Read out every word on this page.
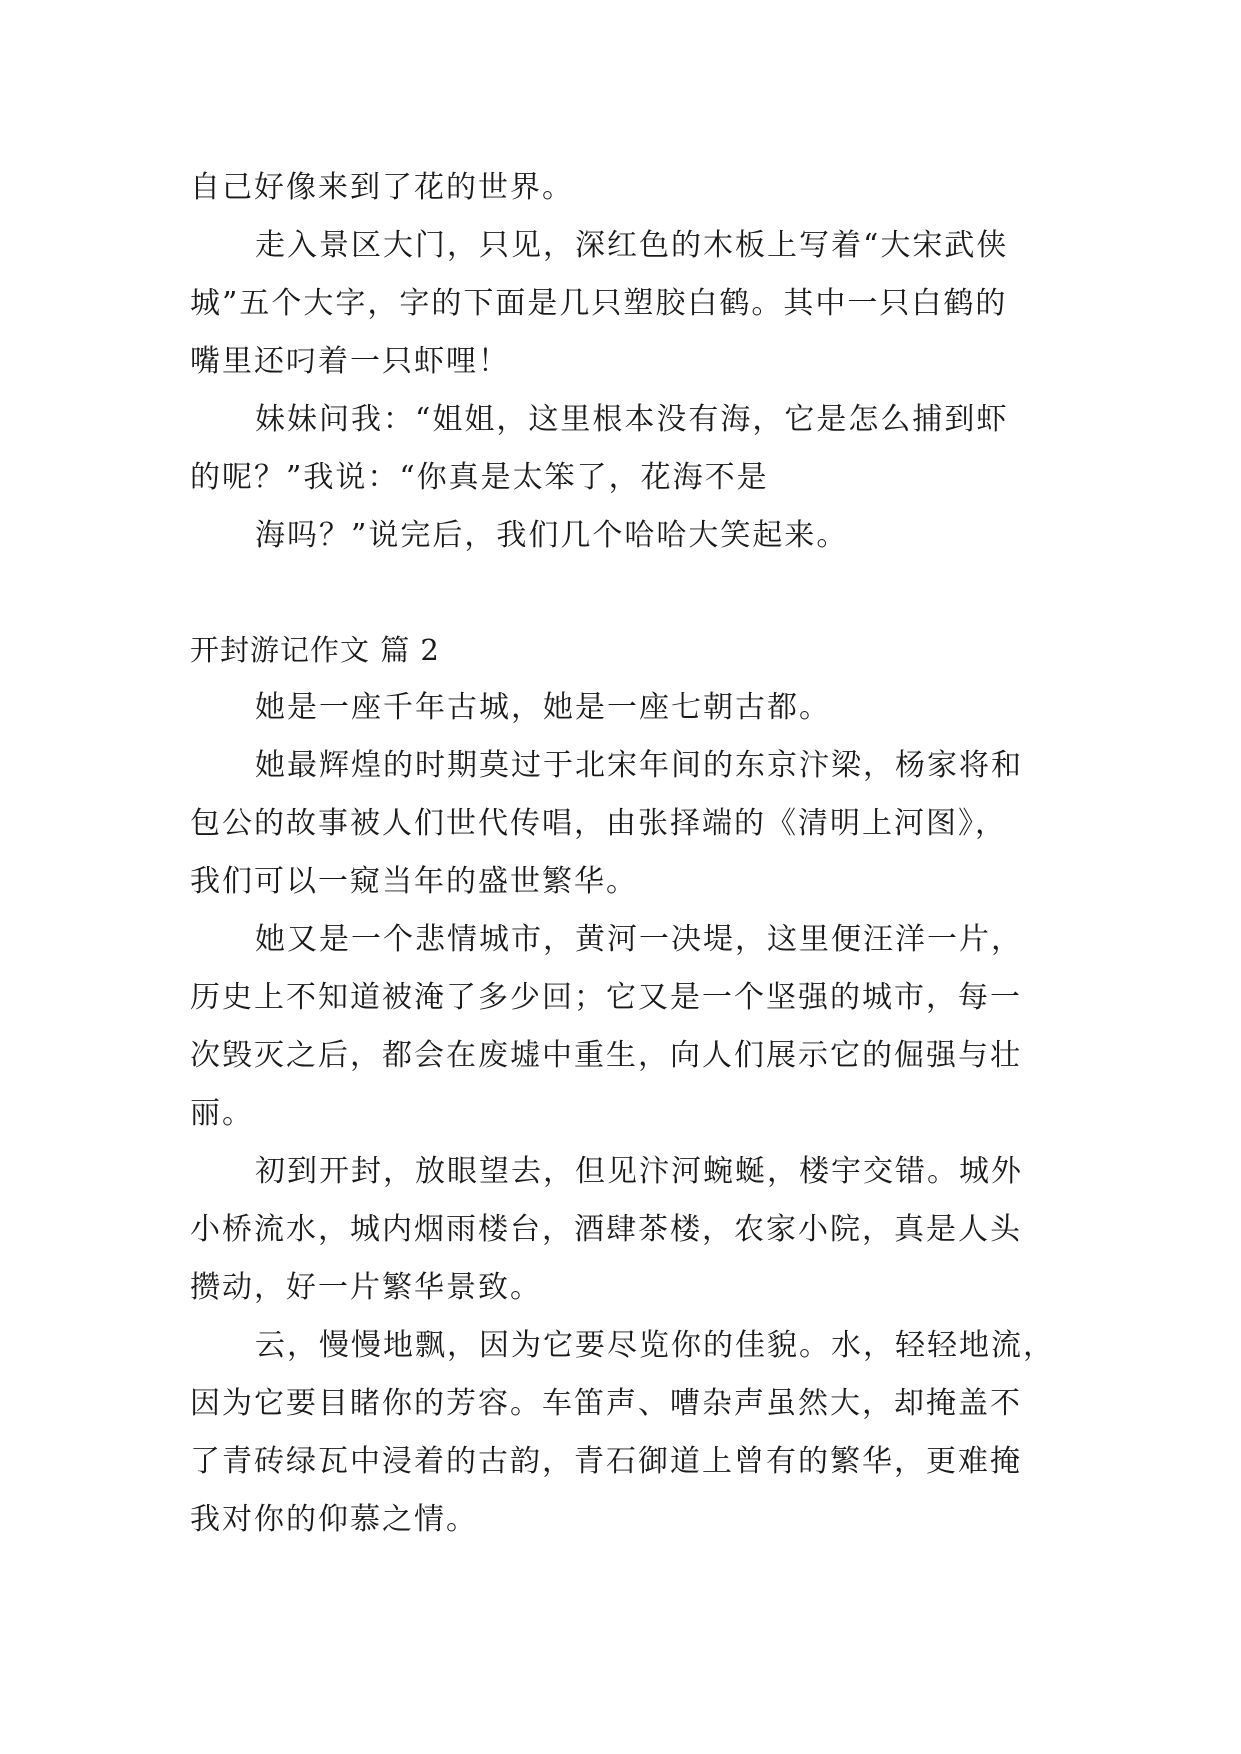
自己好像来到了花的世界。
走入景区大门，只见，深红色的木板上写着“大宋武侠
城”五个大字，字的下面是几只塑胶白鹤。其中一只白鹤的
嘴里还叼着一只虾哩！
妹妹问我：“姐姐，这里根本没有海，它是怎么捕到虾
的呢？”我说：“你真是太笨了，花海不是
海吗？”说完后，我们几个哈哈大笑起来。
开封游记作文 篇 2
她是一座千年古城，她是一座七朝古都。
她最辉煌的时期莫过于北宋年间的东京汴梁，杨家将和
包公的故事被人们世代传唱，由张择端的《清明上河图》，
我们可以一窥当年的盛世繁华。
她又是一个悲情城市，黄河一决堤，这里便汪洋一片，
历史上不知道被淹了多少回；它又是一个坚强的城市，每一
次毁灭之后，都会在废墟中重生，向人们展示它的倔强与壮
丽。
初到开封，放眼望去，但见汴河蜿蜒，楼宇交错。城外
小桥流水，城内烟雨楼台，酒肆茶楼，农家小院，真是人头
攒动，好一片繁华景致。
云，慢慢地飘，因为它要尽览你的佳貌。水，轻轻地流，
因为它要目睹你的芳容。车笛声、嘈杂声虽然大，却掩盖不
了青砖绿瓦中浸着的古韵，青石御道上曾有的繁华，更难掩
我对你的仰慕之情。
